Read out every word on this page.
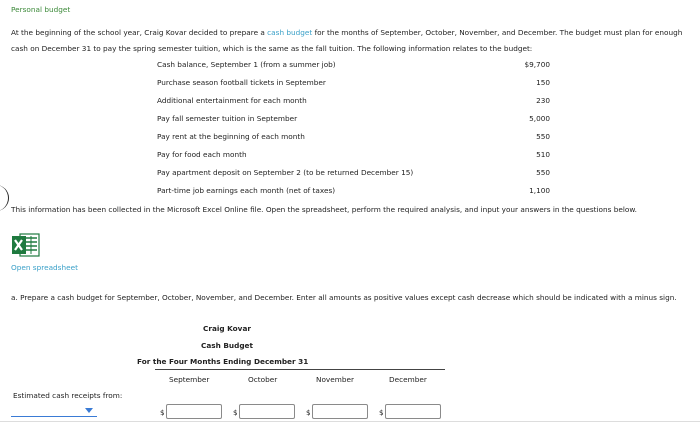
Personal budget
At the beginning of the school year, Craig Kovar decided to prepare a cash budget for the months of September, October, November, and December. The budget must plan for enough cash on December 31 to pay the spring semester tuition, which is the same as the fall tuition. The following information relates to the budget:
Cash balance, September 1 (from a summer job)	$9,700
Purchase season football tickets in September	150
Additional entertainment for each month	230
Pay fall semester tuition in September	5,000
Pay rent at the beginning of each month	550
Pay for food each month	510
Pay apartment deposit on September 2 (to be returned December 15)	550
Part-time job earnings each month (net of taxes)	1,100
This information has been collected in the Microsoft Excel Online file. Open the spreadsheet, perform the required analysis, and input your answers in the questions below.
Open spreadsheet
a. Prepare a cash budget for September, October, November, and December. Enter all amounts as positive values except cash decrease which should be indicated with a minus sign.
Craig Kovar
Cash Budget
For the Four Months Ending December 31
September	October	November	December
Estimated cash receipts from:
$	$	$	$
